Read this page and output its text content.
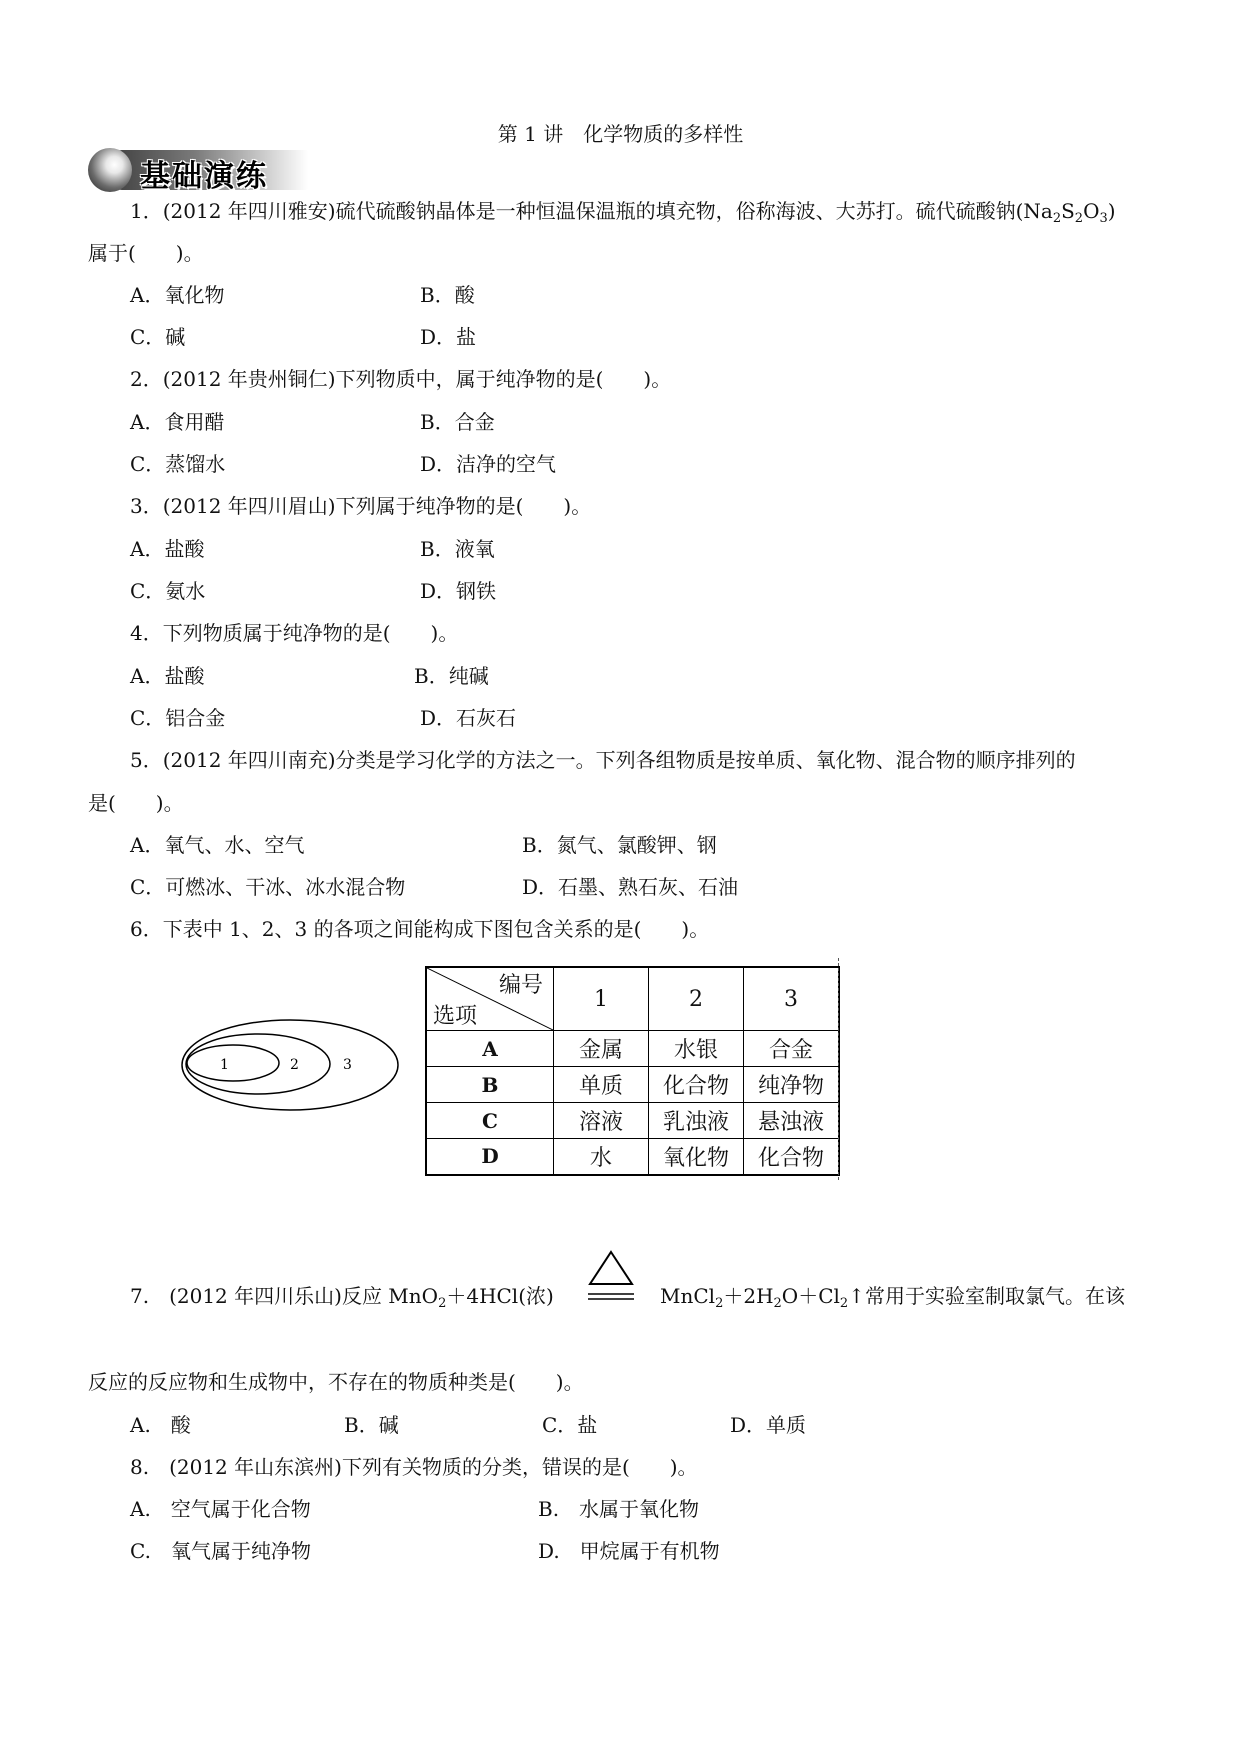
第 1 讲　化学物质的多样性
基础演练
1．(2012 年四川雅安)硫代硫酸钠晶体是一种恒温保温瓶的填充物，俗称海波、大苏打。硫代硫酸钠$(Na_2S_2O_3)$
属于(　　)。
A．氧化物	B．酸
C．碱	D．盐
2．(2012 年贵州铜仁)下列物质中，属于纯净物的是(　　)。
A．食用醋	B．合金
C．蒸馏水	D．洁净的空气
3．(2012 年四川眉山)下列属于纯净物的是(　　)。
A．盐酸	B．液氧
C．氨水	D．钢铁
4．下列物质属于纯净物的是(　　)。
A．盐酸	B．纯碱
C．铝合金	D．石灰石
5．(2012 年四川南充)分类是学习化学的方法之一。下列各组物质是按单质、氧化物、混合物的顺序排列的
是(　　)。
A．氧气、水、空气	B．氮气、氯酸钾、钢
C．可燃冰、干冰、冰水混合物	D．石墨、熟石灰、石油
6．下表中 1、2、3 的各项之间能构成下图包含关系的是(　　)。
1	2	3
编号
选项	1	2	3
A	金属	水银	合金
B	单质	化合物	纯净物
C	溶液	乳浊液	悬浊液
D	水	氧化物	化合物
7.　(2012 年四川乐山)反应 MnO$_2$＋4HCl(浓)	$MnCl_2+2H_2O+Cl_2↑$常用于实验室制取氯气。在该
反应的反应物和生成物中，不存在的物质种类是(　　)。
A.　酸	B．碱	C．盐	D．单质
8.　(2012 年山东滨州)下列有关物质的分类，错误的是(　　)。
A.　空气属于化合物	B.　水属于氧化物
C.　氧气属于纯净物	D.　甲烷属于有机物
